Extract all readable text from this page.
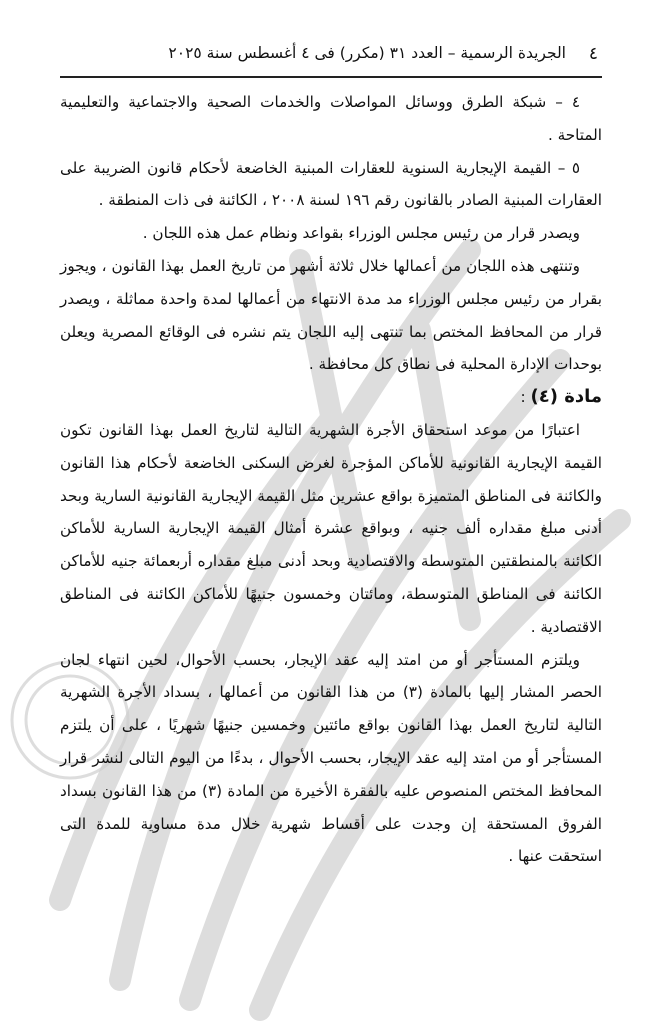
٤
الجريدة الرسمية – العدد ٣١ (مكرر) فى ٤ أغسطس سنة ٢٠٢٥

٤ – شبكة الطرق ووسائل المواصلات والخدمات الصحية والاجتماعية والتعليمية المتاحة .

٥ – القيمة الإيجارية السنوية للعقارات المبنية الخاضعة لأحكام قانون الضريبة على العقارات المبنية الصادر بالقانون رقم ١٩٦ لسنة ٢٠٠٨ ، الكائنة فى ذات المنطقة .

ويصدر قرار من رئيس مجلس الوزراء بقواعد ونظام عمل هذه اللجان .

وتنتهى هذه اللجان من أعمالها خلال ثلاثة أشهر من تاريخ العمل بهذا القانون ، ويجوز بقرار من رئيس مجلس الوزراء مد مدة الانتهاء من أعمالها لمدة واحدة مماثلة ، ويصدر قرار من المحافظ المختص بما تنتهى إليه اللجان يتم نشره فى الوقائع المصرية ويعلن بوحدات الإدارة المحلية فى نطاق كل محافظة .

مادة (٤) :

اعتبارًا من موعد استحقاق الأجرة الشهرية التالية لتاريخ العمل بهذا القانون تكون القيمة الإيجارية القانونية للأماكن المؤجرة لغرض السكنى الخاضعة لأحكام هذا القانون والكائنة فى المناطق المتميزة بواقع عشرين مثل القيمة الإيجارية القانونية السارية وبحد أدنى مبلغ مقداره ألف جنيه ، وبواقع عشرة أمثال القيمة الإيجارية السارية للأماكن الكائنة بالمنطقتين المتوسطة والاقتصادية وبحد أدنى مبلغ مقداره أربعمائة جنيه للأماكن الكائنة فى المناطق المتوسطة، ومائتان وخمسون جنيهًا للأماكن الكائنة فى المناطق الاقتصادية .

ويلتزم المستأجر أو من امتد إليه عقد الإيجار، بحسب الأحوال، لحين انتهاء لجان الحصر المشار إليها بالمادة (٣) من هذا القانون من أعمالها ، بسداد الأجرة الشهرية التالية لتاريخ العمل بهذا القانون بواقع مائتين وخمسين جنيهًا شهريًا ، على أن يلتزم المستأجر أو من امتد إليه عقد الإيجار، بحسب الأحوال ، بدءًا من اليوم التالى لنشر قرار المحافظ المختص المنصوص عليه بالفقرة الأخيرة من المادة (٣) من هذا القانون بسداد الفروق المستحقة إن وجدت على أقساط شهرية خلال مدة مساوية للمدة التى استحقت عنها .
